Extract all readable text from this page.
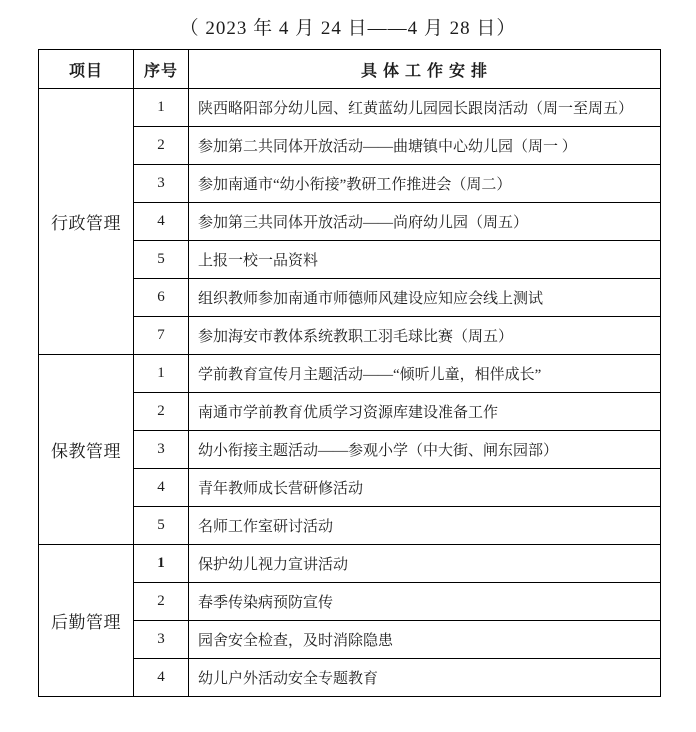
（ 2023 年 4 月 24 日——4 月 28 日）
项目	序号	具 体 工 作 安 排
行政管理	1	陕西略阳部分幼儿园、红黄蓝幼儿园园长跟岗活动（周一至周五）
	2	参加第二共同体开放活动——曲塘镇中心幼儿园（周一 ）
	3	参加南通市“幼小衔接”教研工作推进会（周二）
	4	参加第三共同体开放活动——尚府幼儿园（周五）
	5	上报一校一品资料
	6	组织教师参加南通市师德师风建设应知应会线上测试
	7	参加海安市教体系统教职工羽毛球比赛（周五）
保教管理	1	学前教育宣传月主题活动——“倾听儿童，相伴成长”
	2	南通市学前教育优质学习资源库建设准备工作
	3	幼小衔接主题活动——参观小学（中大街、闸东园部）
	4	青年教师成长营研修活动
	5	名师工作室研讨活动
后勤管理	1	保护幼儿视力宣讲活动
	2	春季传染病预防宣传
	3	园舍安全检查，及时消除隐患
	4	幼儿户外活动安全专题教育
